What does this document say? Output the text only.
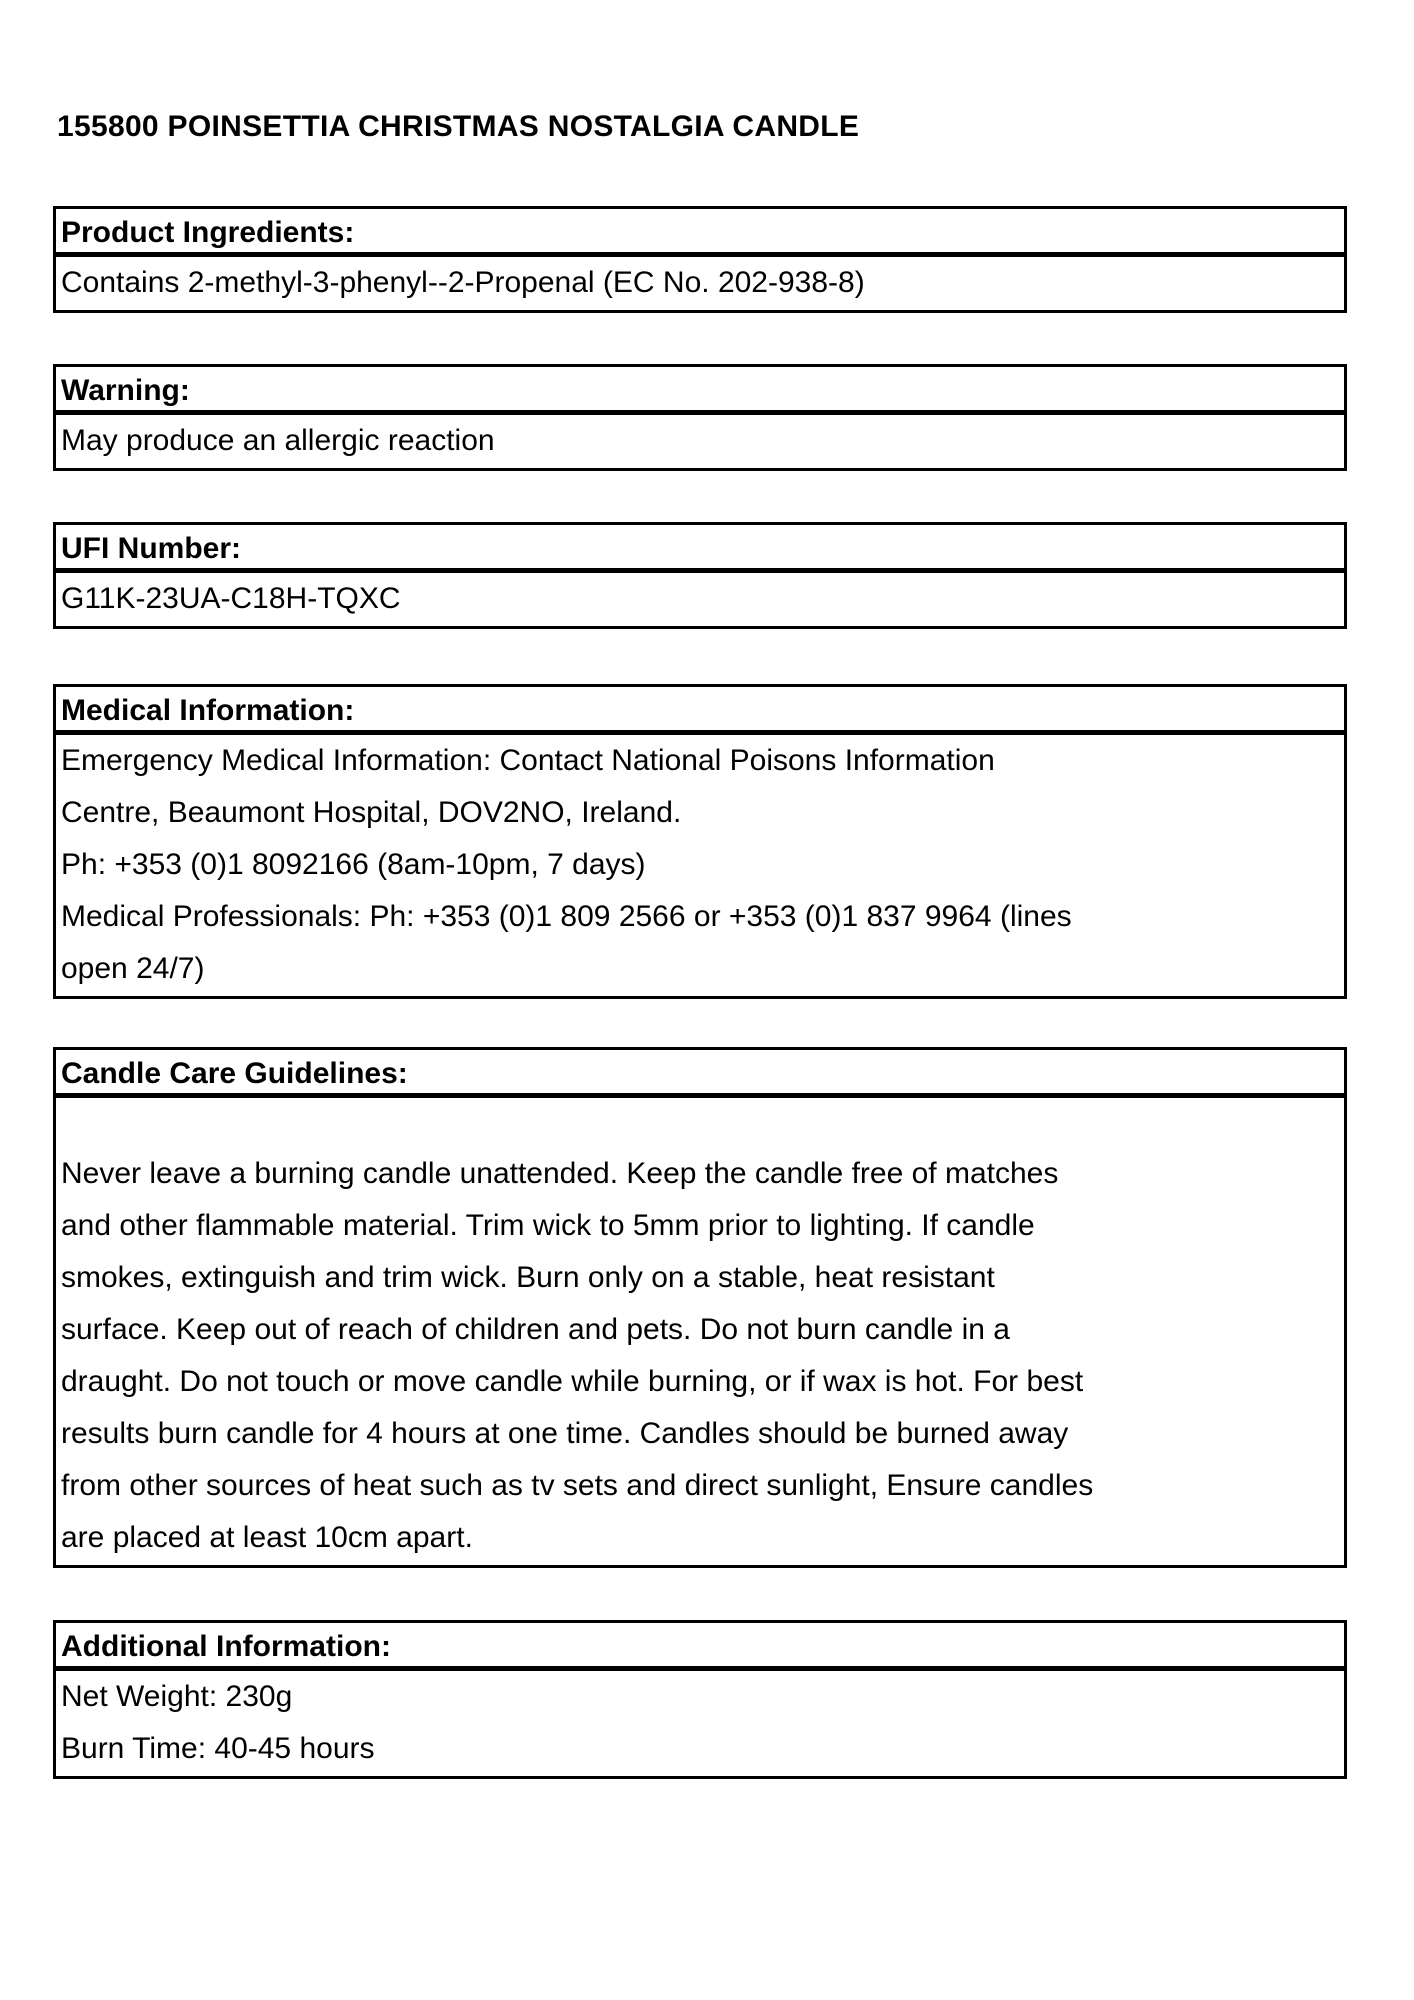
155800 POINSETTIA CHRISTMAS NOSTALGIA CANDLE
Product Ingredients:
Contains 2-methyl-3-phenyl--2-Propenal (EC No. 202-938-8)
Warning:
May produce an allergic reaction
UFI Number:
G11K-23UA-C18H-TQXC
Medical Information:
Emergency Medical Information: Contact National Poisons Information
Centre, Beaumont Hospital, DOV2NO, Ireland.
Ph: +353 (0)1 8092166 (8am-10pm, 7 days)
Medical Professionals: Ph: +353 (0)1 809 2566 or +353 (0)1 837 9964 (lines
open 24/7)
Candle Care Guidelines:
Never leave a burning candle unattended. Keep the candle free of matches
and other flammable material. Trim wick to 5mm prior to lighting. If candle
smokes, extinguish and trim wick. Burn only on a stable, heat resistant
surface. Keep out of reach of children and pets. Do not burn candle in a
draught. Do not touch or move candle while burning, or if wax is hot. For best
results burn candle for 4 hours at one time. Candles should be burned away
from other sources of heat such as tv sets and direct sunlight, Ensure candles
are placed at least 10cm apart.
Additional Information:
Net Weight: 230g
Burn Time: 40-45 hours
